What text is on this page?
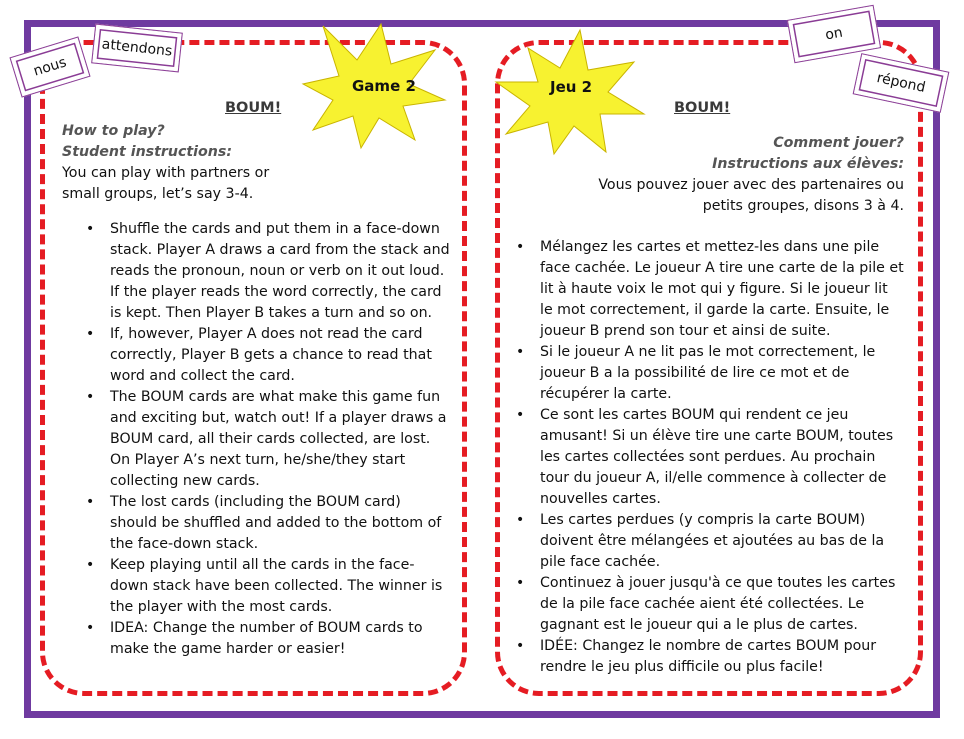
BOUM!
How to play?
Student instructions:
You can play with partners or
small groups, let’s say 3-4.
• Shuffle the cards and put them in a face-down stack. Player A draws a card from the stack and reads the pronoun, noun or verb on it out loud. If the player reads the word correctly, the card is kept. Then Player B takes a turn and so on.
• If, however, Player A does not read the card correctly, Player B gets a chance to read that word and collect the card.
• The BOUM cards are what make this game fun and exciting but, watch out! If a player draws a BOUM card, all their cards collected, are lost. On Player A’s next turn, he/she/they start collecting new cards.
• The lost cards (including the BOUM card) should be shuffled and added to the bottom of the face-down stack.
• Keep playing until all the cards in the face-down stack have been collected. The winner is the player with the most cards.
• IDEA: Change the number of BOUM cards to make the game harder or easier!
BOUM!
Comment jouer?
Instructions aux élèves:
Vous pouvez jouer avec des partenaires ou
petits groupes, disons 3 à 4.
• Mélangez les cartes et mettez-les dans une pile face cachée. Le joueur A tire une carte de la pile et lit à haute voix le mot qui y figure. Si le joueur lit le mot correctement, il garde la carte. Ensuite, le joueur B prend son tour et ainsi de suite.
• Si le joueur A ne lit pas le mot correctement, le joueur B a la possibilité de lire ce mot et de récupérer la carte.
• Ce sont les cartes BOUM qui rendent ce jeu amusant! Si un élève tire une carte BOUM, toutes les cartes collectées sont perdues. Au prochain tour du joueur A, il/elle commence à collecter de nouvelles cartes.
• Les cartes perdues (y compris la carte BOUM) doivent être mélangées et ajoutées au bas de la pile face cachée.
• Continuez à jouer jusqu'à ce que toutes les cartes de la pile face cachée aient été collectées. Le gagnant est le joueur qui a le plus de cartes.
• IDÉE: Changez le nombre de cartes BOUM pour rendre le jeu plus difficile ou plus facile!
nous
attendons
on
répond
Game 2	Jeu 2
